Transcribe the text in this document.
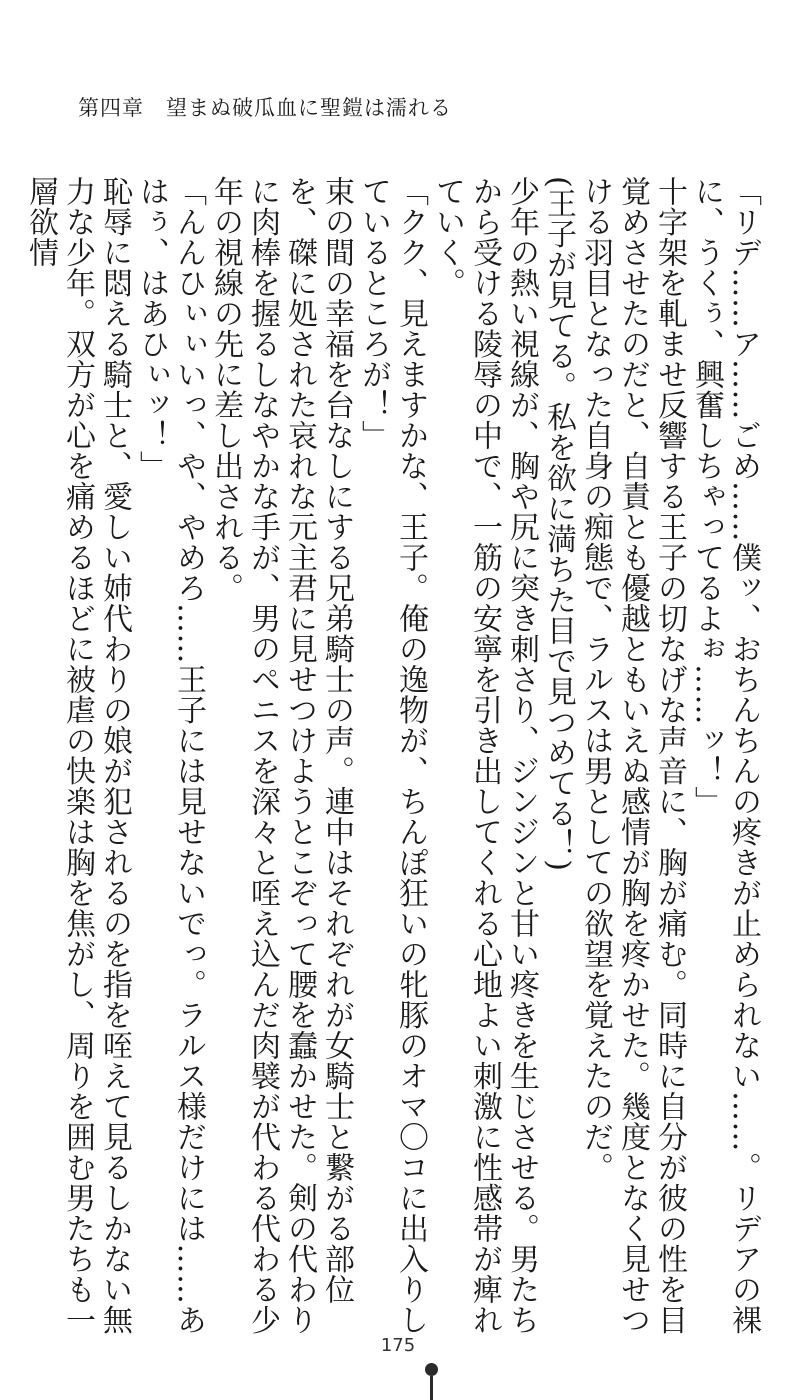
第四章　望まぬ破瓜血に聖鎧は濡れる

「リデ……ア……ごめ……僕ッ、おちんちんの疼きが止められない……。リデアの裸に、うくぅ、興奮しちゃってるよぉ……ッ！」

十字架を軋ませ反響する王子の切なげな声音に、胸が痛む。同時に自分が彼の性を目覚めさせたのだと、自責とも優越ともいえぬ感情が胸を疼かせた。幾度となく見せつける羽目となった自身の痴態で、ラルスは男としての欲望を覚えたのだ。

(王子が見てる。私を欲に満ちた目で見つめてる！)

少年の熱い視線が、胸や尻に突き刺さり、ジンジンと甘い疼きを生じさせる。男たちから受ける陵辱の中で、一筋の安寧を引き出してくれる心地よい刺激に性感帯が痺れていく。

「クク、見えますかな、王子。俺の逸物が、ちんぽ狂いの牝豚のオマ〇コに出入りしているところが！」

束の間の幸福を台なしにする兄弟騎士の声。連中はそれぞれが女騎士と繋がる部位を、磔に処された哀れな元主君に見せつけようとこぞって腰を蠢かせた。剣の代わりに肉棒を握るしなやかな手が、男のペニスを深々と咥え込んだ肉襞が代わる代わる少年の視線の先に差し出される。

「んんひぃぃいっ、や、やめろ……王子には見せないでっ。ラルス様だけには……あはぅ、はあひぃッ！」

恥辱に悶える騎士と、愛しい姉代わりの娘が犯されるのを指を咥えて見るしかない無力な少年。双方が心を痛めるほどに被虐の快楽は胸を焦がし、周りを囲む男たちも一層欲情

175
